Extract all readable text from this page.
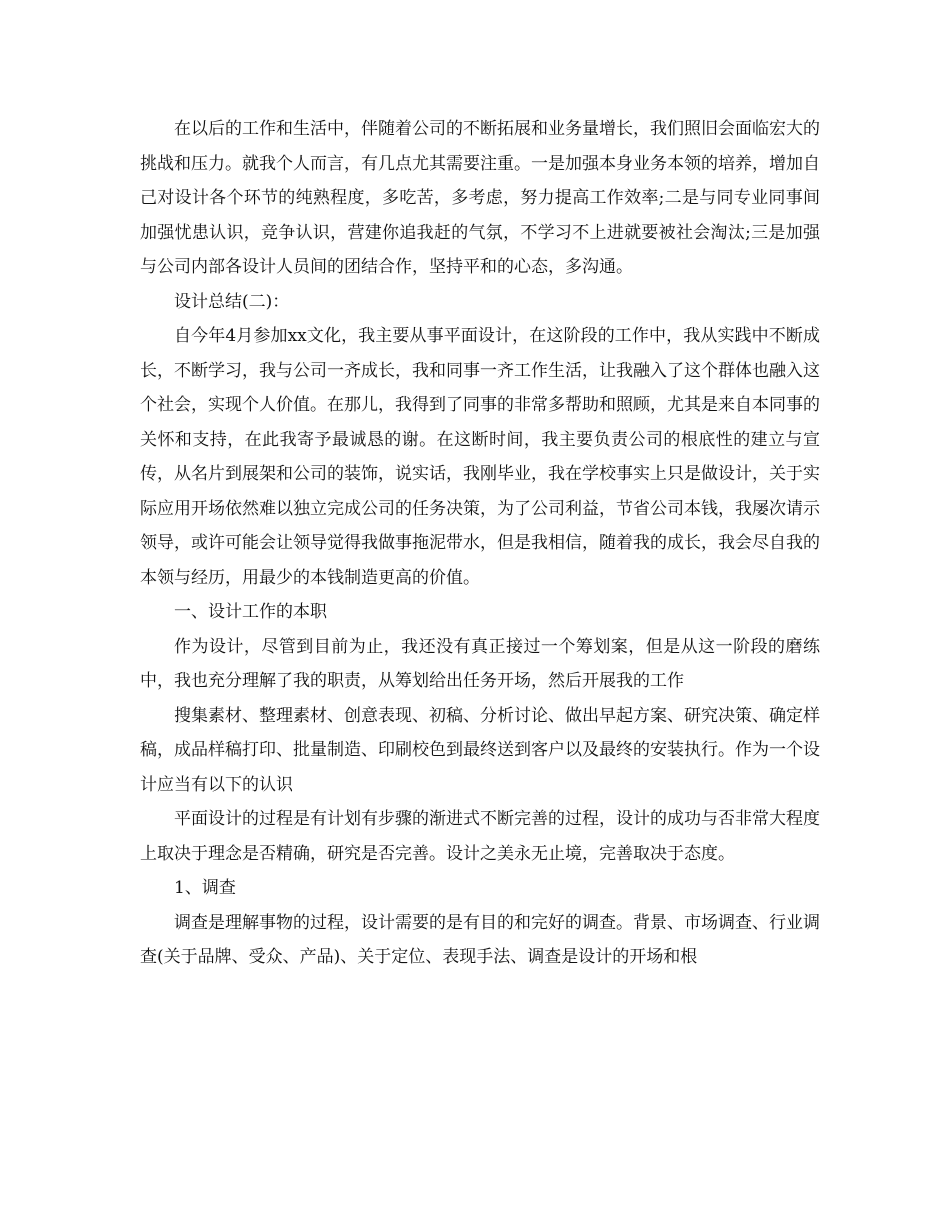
在以后的工作和生活中，伴随着公司的不断拓展和业务量增长，我们照旧会面临宏大的挑战和压力。就我个人而言，有几点尤其需要注重。一是加强本身业务本领的培养，增加自己对设计各个环节的纯熟程度，多吃苦，多考虑，努力提高工作效率;二是与同专业同事间加强忧患认识，竞争认识，营建你追我赶的气氛，不学习不上进就要被社会淘汰;三是加强与公司内部各设计人员间的团结合作，坚持平和的心态，多沟通。

设计总结(二)：

自今年4月参加xx文化，我主要从事平面设计，在这阶段的工作中，我从实践中不断成长，不断学习，我与公司一齐成长，我和同事一齐工作生活，让我融入了这个群体也融入这个社会，实现个人价值。在那儿，我得到了同事的非常多帮助和照顾，尤其是来自本同事的关怀和支持，在此我寄予最诚恳的谢。在这断时间，我主要负责公司的根底性的建立与宣传，从名片到展架和公司的装饰，说实话，我刚毕业，我在学校事实上只是做设计，关于实际应用开场依然难以独立完成公司的任务决策，为了公司利益，节省公司本钱，我屡次请示领导，或许可能会让领导觉得我做事拖泥带水，但是我相信，随着我的成长，我会尽自我的本领与经历，用最少的本钱制造更高的价值。

一、设计工作的本职

作为设计，尽管到目前为止，我还没有真正接过一个筹划案，但是从这一阶段的磨练中，我也充分理解了我的职责，从筹划给出任务开场，然后开展我的工作

搜集素材、整理素材、创意表现、初稿、分析讨论、做出早起方案、研究决策、确定样稿，成品样稿打印、批量制造、印刷校色到最终送到客户以及最终的安装执行。作为一个设计应当有以下的认识

平面设计的过程是有计划有步骤的渐进式不断完善的过程，设计的成功与否非常大程度上取决于理念是否精确，研究是否完善。设计之美永无止境，完善取决于态度。

1、调查

调查是理解事物的过程，设计需要的是有目的和完好的调查。背景、市场调查、行业调查(关于品牌、受众、产品)、关于定位、表现手法、调查是设计的开场和根
